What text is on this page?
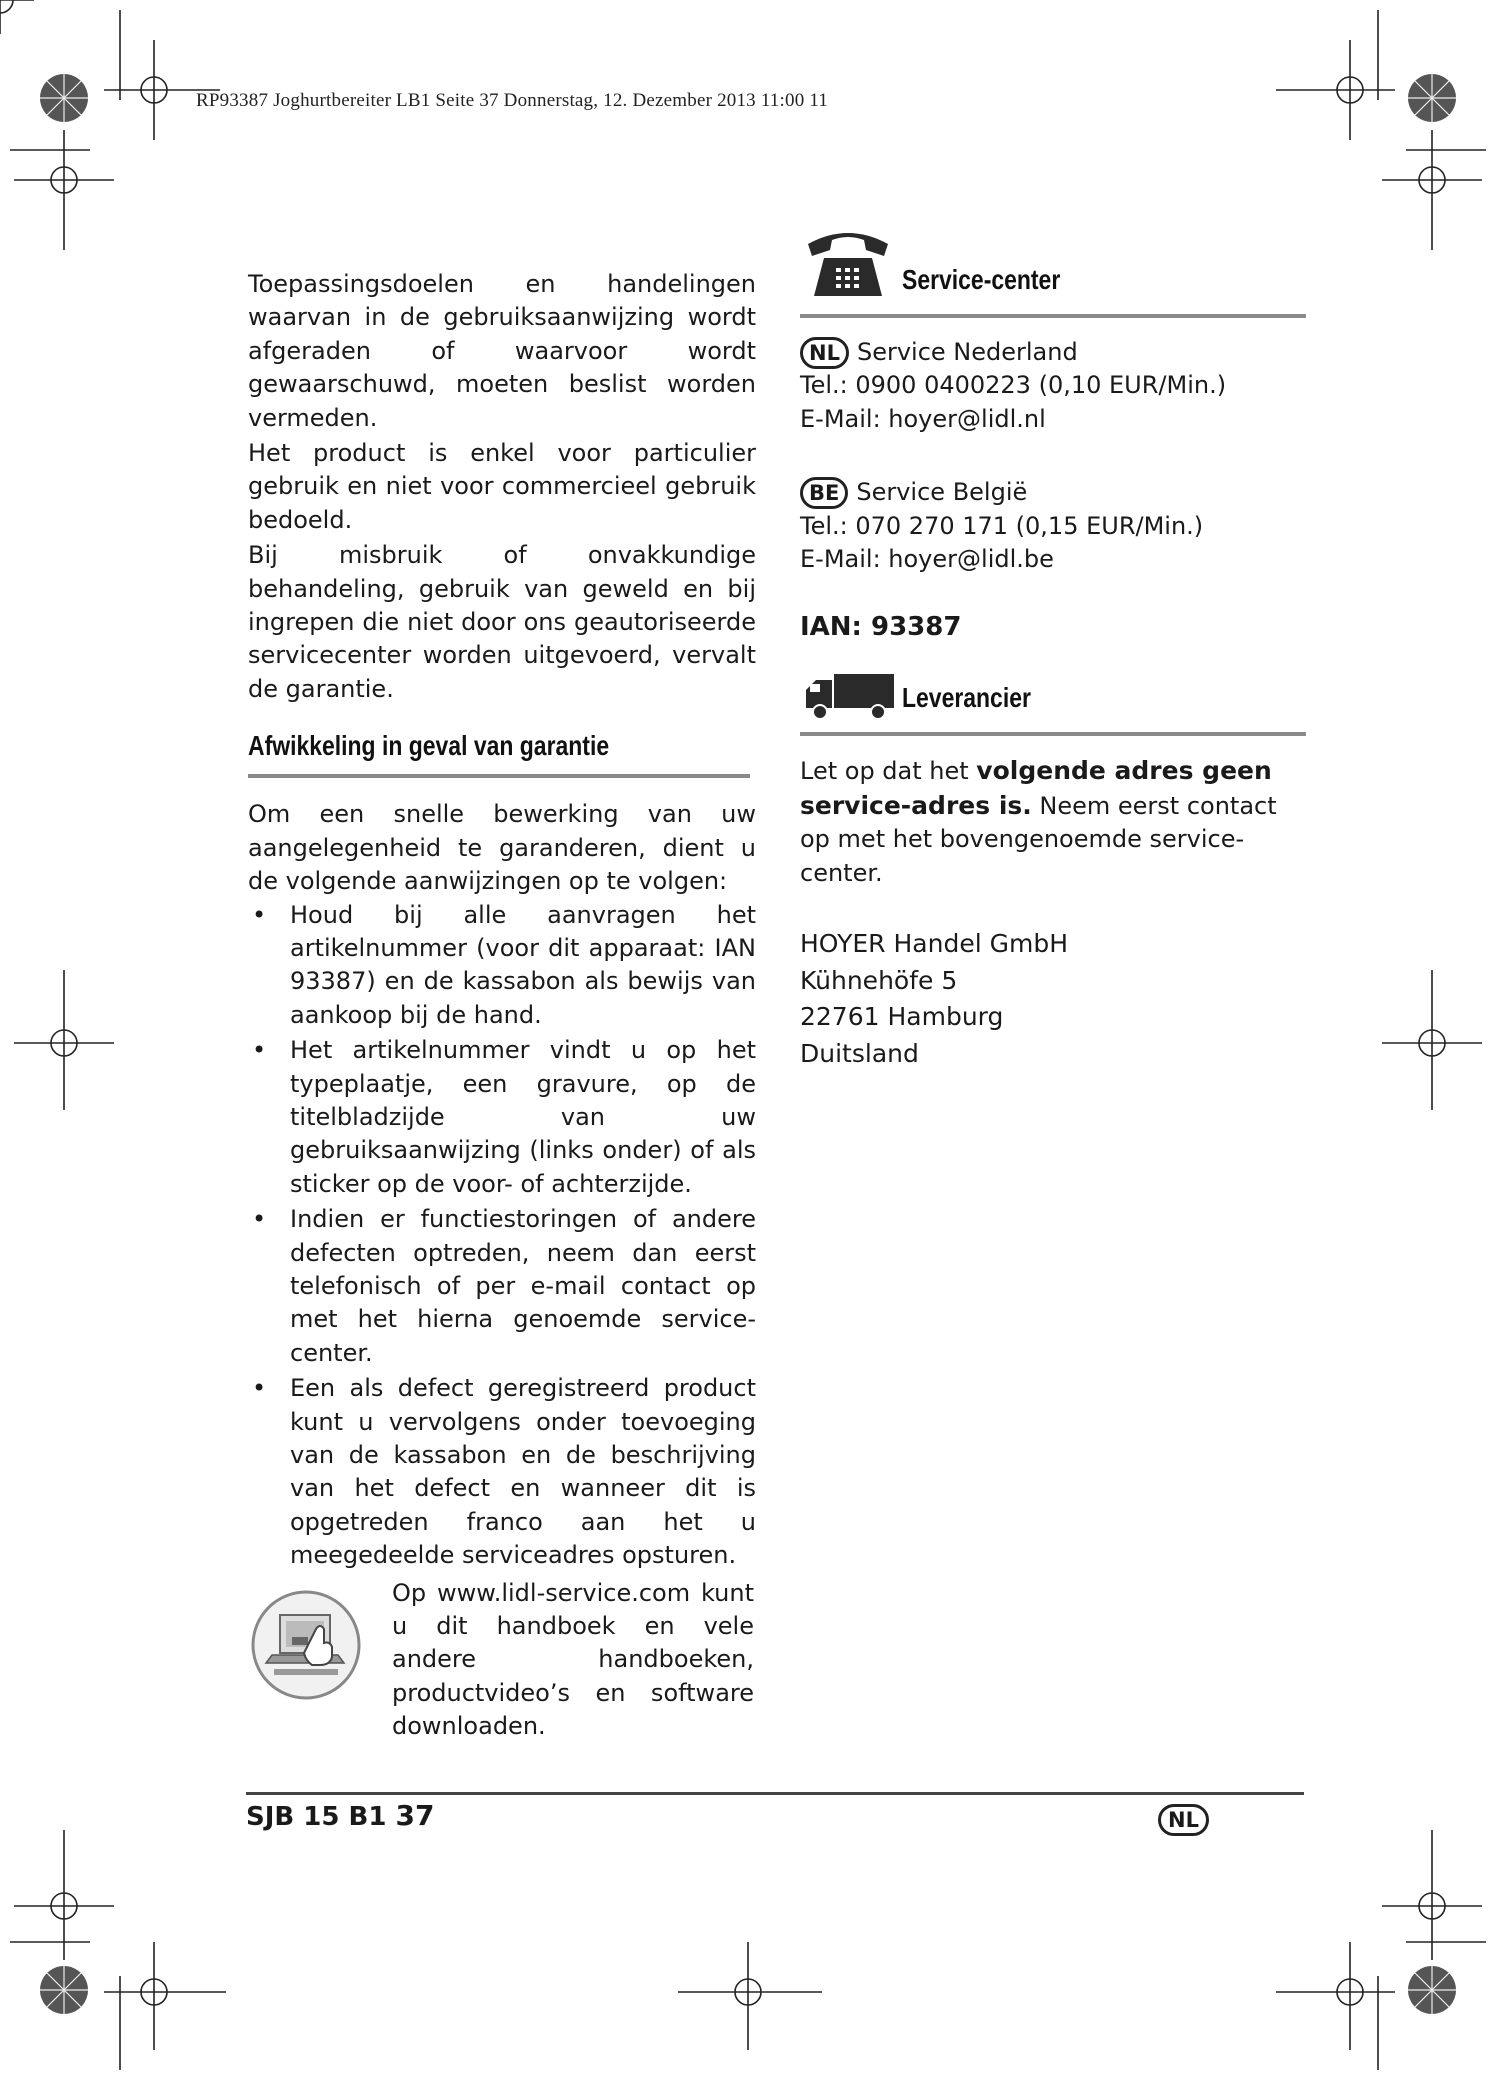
RP93387 Joghurtbereiter LB1 Seite 37 Donnerstag, 12. Dezember 2013 11:00 11

Toepassingsdoelen en handelingen waarvan in de gebruiksaanwijzing wordt afgeraden of waarvoor wordt gewaarschuwd, moeten beslist worden vermeden.

Het product is enkel voor particulier gebruik en niet voor commercieel gebruik bedoeld.

Bij misbruik of onvakkundige behandeling, gebruik van geweld en bij ingrepen die niet door ons geautoriseerde servicecenter worden uitgevoerd, vervalt de garantie.

Afwikkeling in geval van garantie

Om een snelle bewerking van uw aangelegenheid te garanderen, dient u de volgende aanwijzingen op te volgen:

• Houd bij alle aanvragen het artikelnummer (voor dit apparaat: IAN 93387) en de kassabon als bewijs van aankoop bij de hand.

• Het artikelnummer vindt u op het typeplaatje, een gravure, op de titelbladzijde van uw gebruiksaanwijzing (links onder) of als sticker op de voor- of achterzijde.

• Indien er functiestoringen of andere defecten optreden, neem dan eerst telefonisch of per e-mail contact op met het hierna genoemde service-center.

• Een als defect geregistreerd product kunt u vervolgens onder toevoeging van de kassabon en de beschrijving van het defect en wanneer dit is opgetreden franco aan het u meegedeelde serviceadres opsturen.

Op www.lidl-service.com kunt u dit handboek en vele andere handboeken, productvideo’s en software downloaden.

Service-center
NL Service Nederland
Tel.: 0900 0400223 (0,10 EUR/Min.)
E-Mail: hoyer@lidl.nl
BE Service België
Tel.: 070 270 171 (0,15 EUR/Min.)
E-Mail: hoyer@lidl.be
IAN: 93387
Leverancier

Let op dat het volgende adres geen service-adres is. Neem eerst contact op met het bovengenoemde service-center.

HOYER Handel GmbH
Kühnehöfe 5
22761 Hamburg
Duitsland
SJB 15 B1 37	NL
